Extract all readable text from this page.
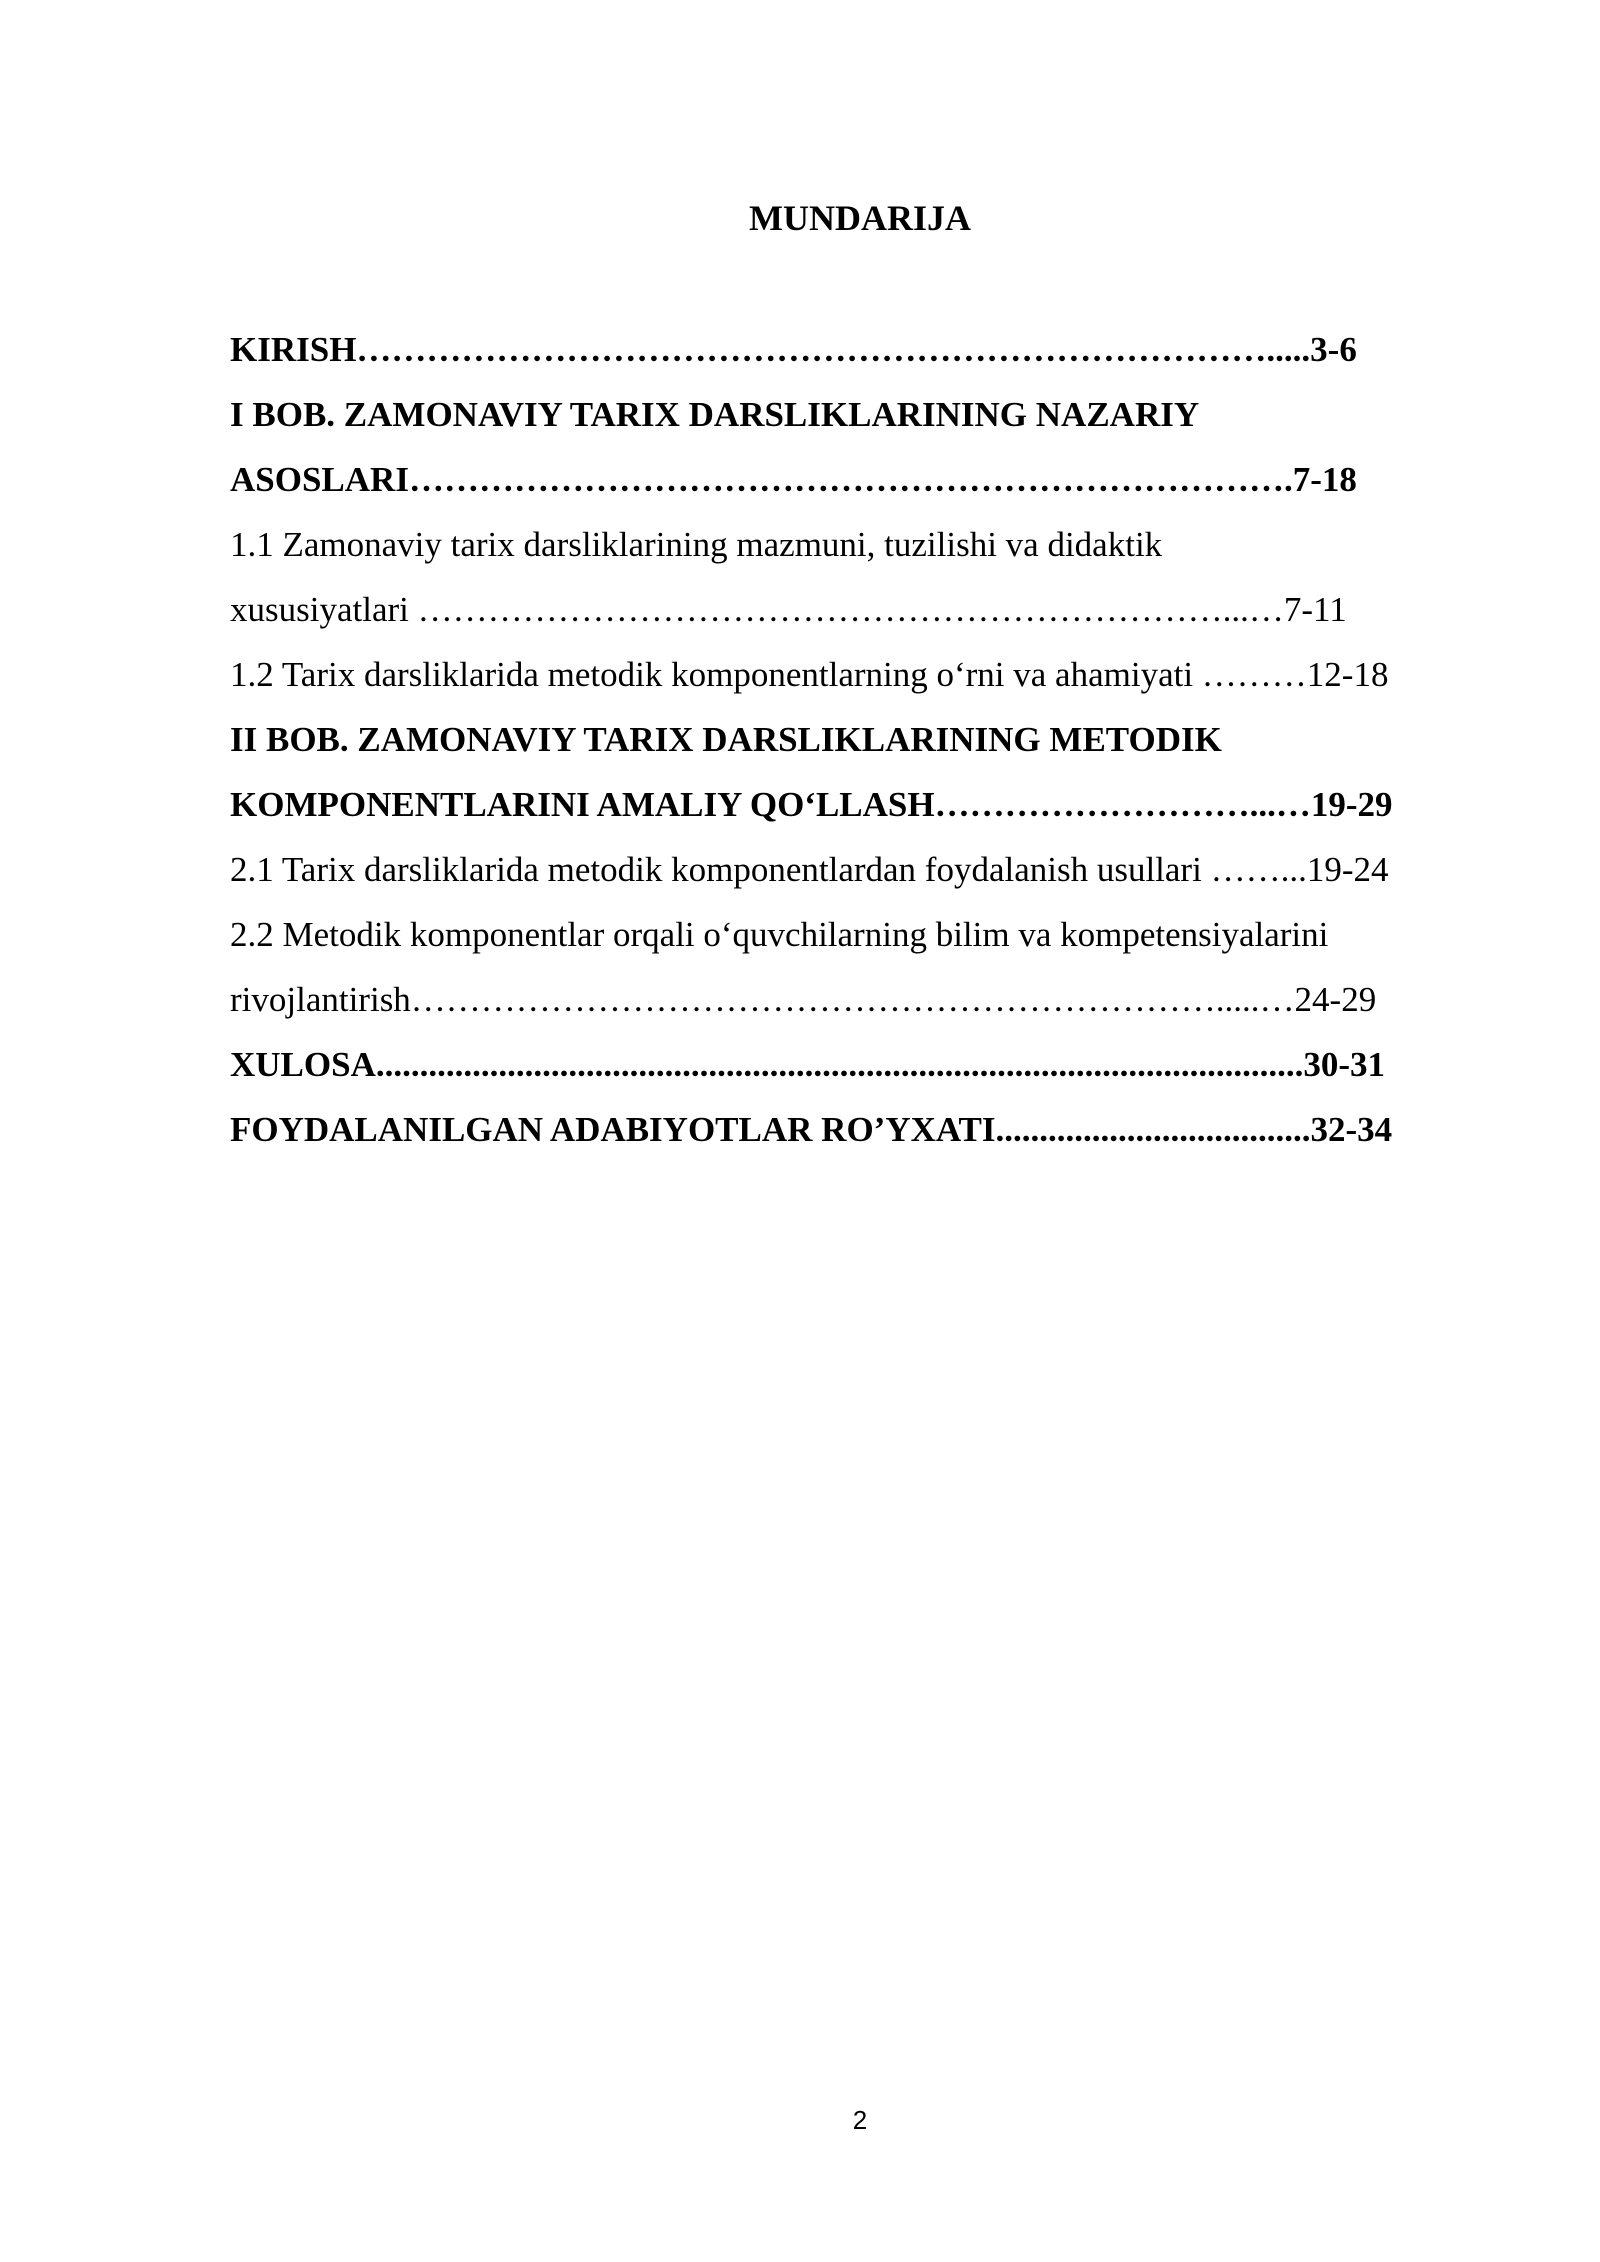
MUNDARIJA
KIRISH…………………………………………………………………….....3-6
I BOB. ZAMONAVIY TARIX DARSLIKLARINING NAZARIY
ASOSLARI………………………………………………………………….7-18
1.1 Zamonaviy tarix darsliklarining mazmuni, tuzilishi va didaktik
xususiyatlari ……………………………………………………………...…7-11
1.2 Tarix darsliklarida metodik komponentlarning oʻrni va ahamiyati ………12-18
II BOB. ZAMONAVIY TARIX DARSLIKLARINING METODIK
KOMPONENTLARINI AMALIY QOʻLLASH………………………...…19-29
2.1 Tarix darsliklarida metodik komponentlardan foydalanish usullari ……...19-24
2.2 Metodik komponentlar orqali oʻquvchilarning bilim va kompetensiyalarini
rivojlantirish…………………………………………………………….....…24-29
XULOSA..........................................................................................................30-31
FOYDALANILGAN ADABIYOTLAR RO’YXATI....................................32-34
2
